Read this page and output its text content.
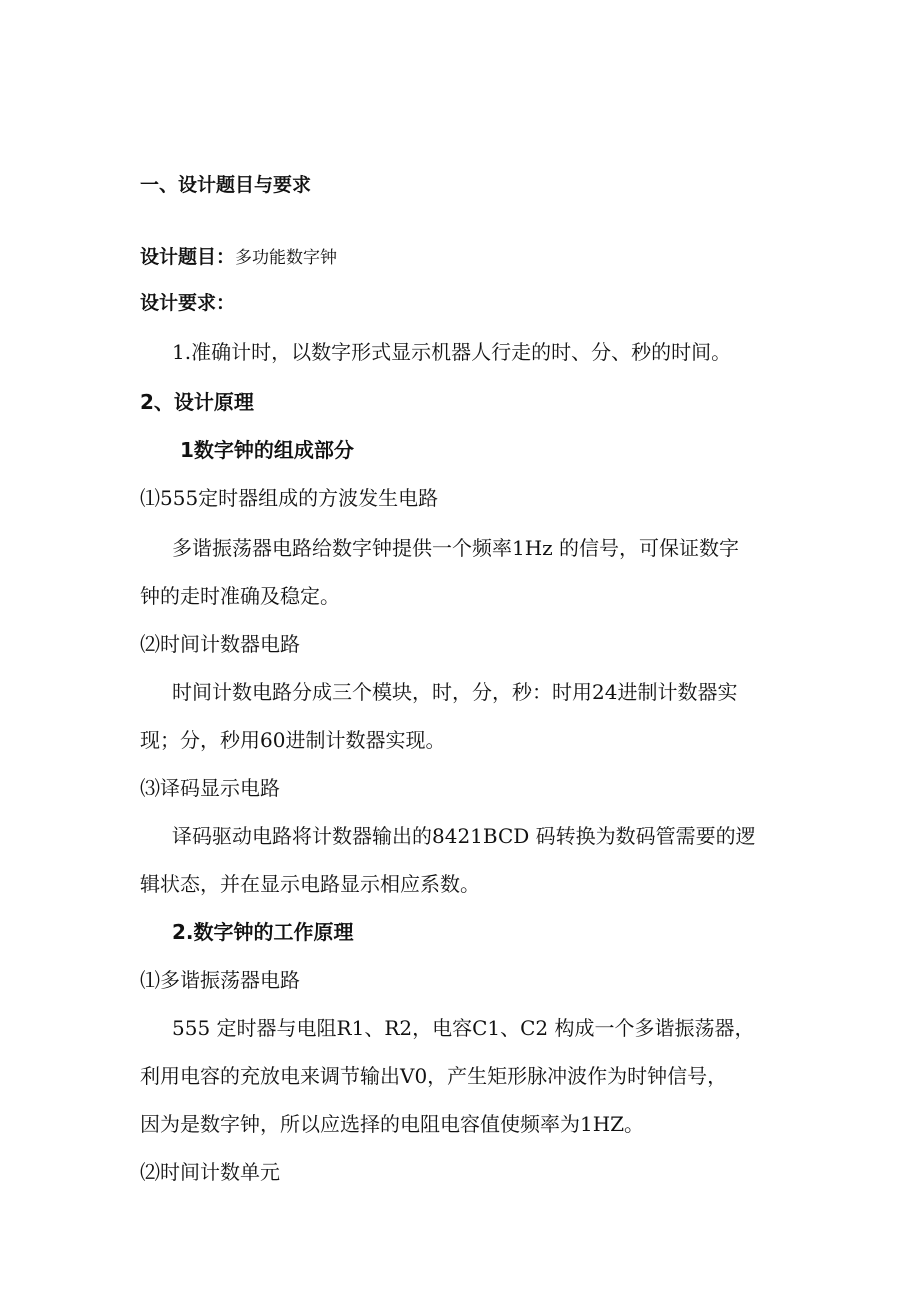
一、设计题目与要求
设计题目：多功能数字钟
设计要求：
1.准确计时，以数字形式显示机器人行走的时、分、秒的时间。
2、设计原理
1数字钟的组成部分
⑴555定时器组成的方波发生电路
多谐振荡器电路给数字钟提供一个频率1Hz 的信号，可保证数字
钟的走时准确及稳定。
⑵时间计数器电路
时间计数电路分成三个模块，时，分，秒：时用24进制计数器实
现；分，秒用60进制计数器实现。
⑶译码显示电路
译码驱动电路将计数器输出的8421BCD 码转换为数码管需要的逻
辑状态，并在显示电路显示相应系数。
2.数字钟的工作原理
⑴多谐振荡器电路
555 定时器与电阻R1、R2，电容C1、C2 构成一个多谐振荡器，
利用电容的充放电来调节输出V0，产生矩形脉冲波作为时钟信号，
因为是数字钟，所以应选择的电阻电容值使频率为1HZ。
⑵时间计数单元
